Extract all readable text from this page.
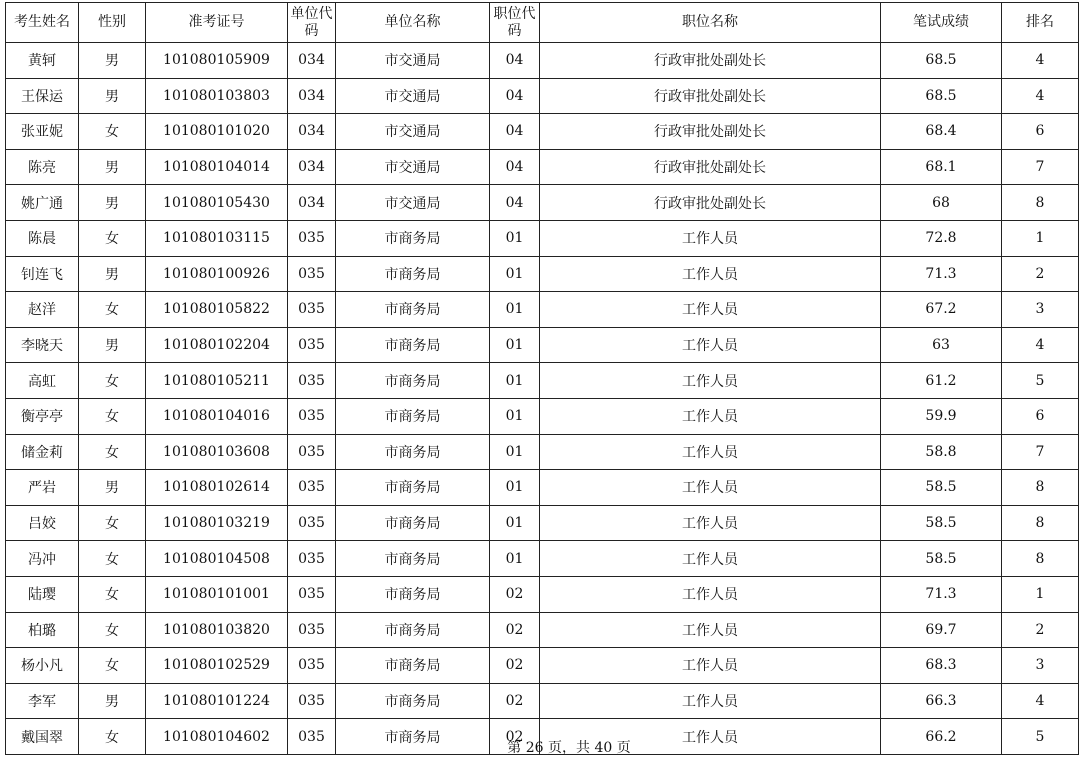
考生姓名	性别	准考证号	单位代码	单位名称	职位代码	职位名称	笔试成绩	排名
黄轲	男	101080105909	034	市交通局	04	行政审批处副处长	68.5	4
王保运	男	101080103803	034	市交通局	04	行政审批处副处长	68.5	4
张亚妮	女	101080101020	034	市交通局	04	行政审批处副处长	68.4	6
陈亮	男	101080104014	034	市交通局	04	行政审批处副处长	68.1	7
姚广通	男	101080105430	034	市交通局	04	行政审批处副处长	68	8
陈晨	女	101080103115	035	市商务局	01	工作人员	72.8	1
钊连飞	男	101080100926	035	市商务局	01	工作人员	71.3	2
赵洋	女	101080105822	035	市商务局	01	工作人员	67.2	3
李晓天	男	101080102204	035	市商务局	01	工作人员	63	4
高虹	女	101080105211	035	市商务局	01	工作人员	61.2	5
衡亭亭	女	101080104016	035	市商务局	01	工作人员	59.9	6
储金莉	女	101080103608	035	市商务局	01	工作人员	58.8	7
严岩	男	101080102614	035	市商务局	01	工作人员	58.5	8
吕姣	女	101080103219	035	市商务局	01	工作人员	58.5	8
冯冲	女	101080104508	035	市商务局	01	工作人员	58.5	8
陆璎	女	101080101001	035	市商务局	02	工作人员	71.3	1
柏璐	女	101080103820	035	市商务局	02	工作人员	69.7	2
杨小凡	女	101080102529	035	市商务局	02	工作人员	68.3	3
李军	男	101080101224	035	市商务局	02	工作人员	66.3	4
戴国翠	女	101080104602	035	市商务局	02	工作人员	66.2	5
第 26 页，共 40 页
